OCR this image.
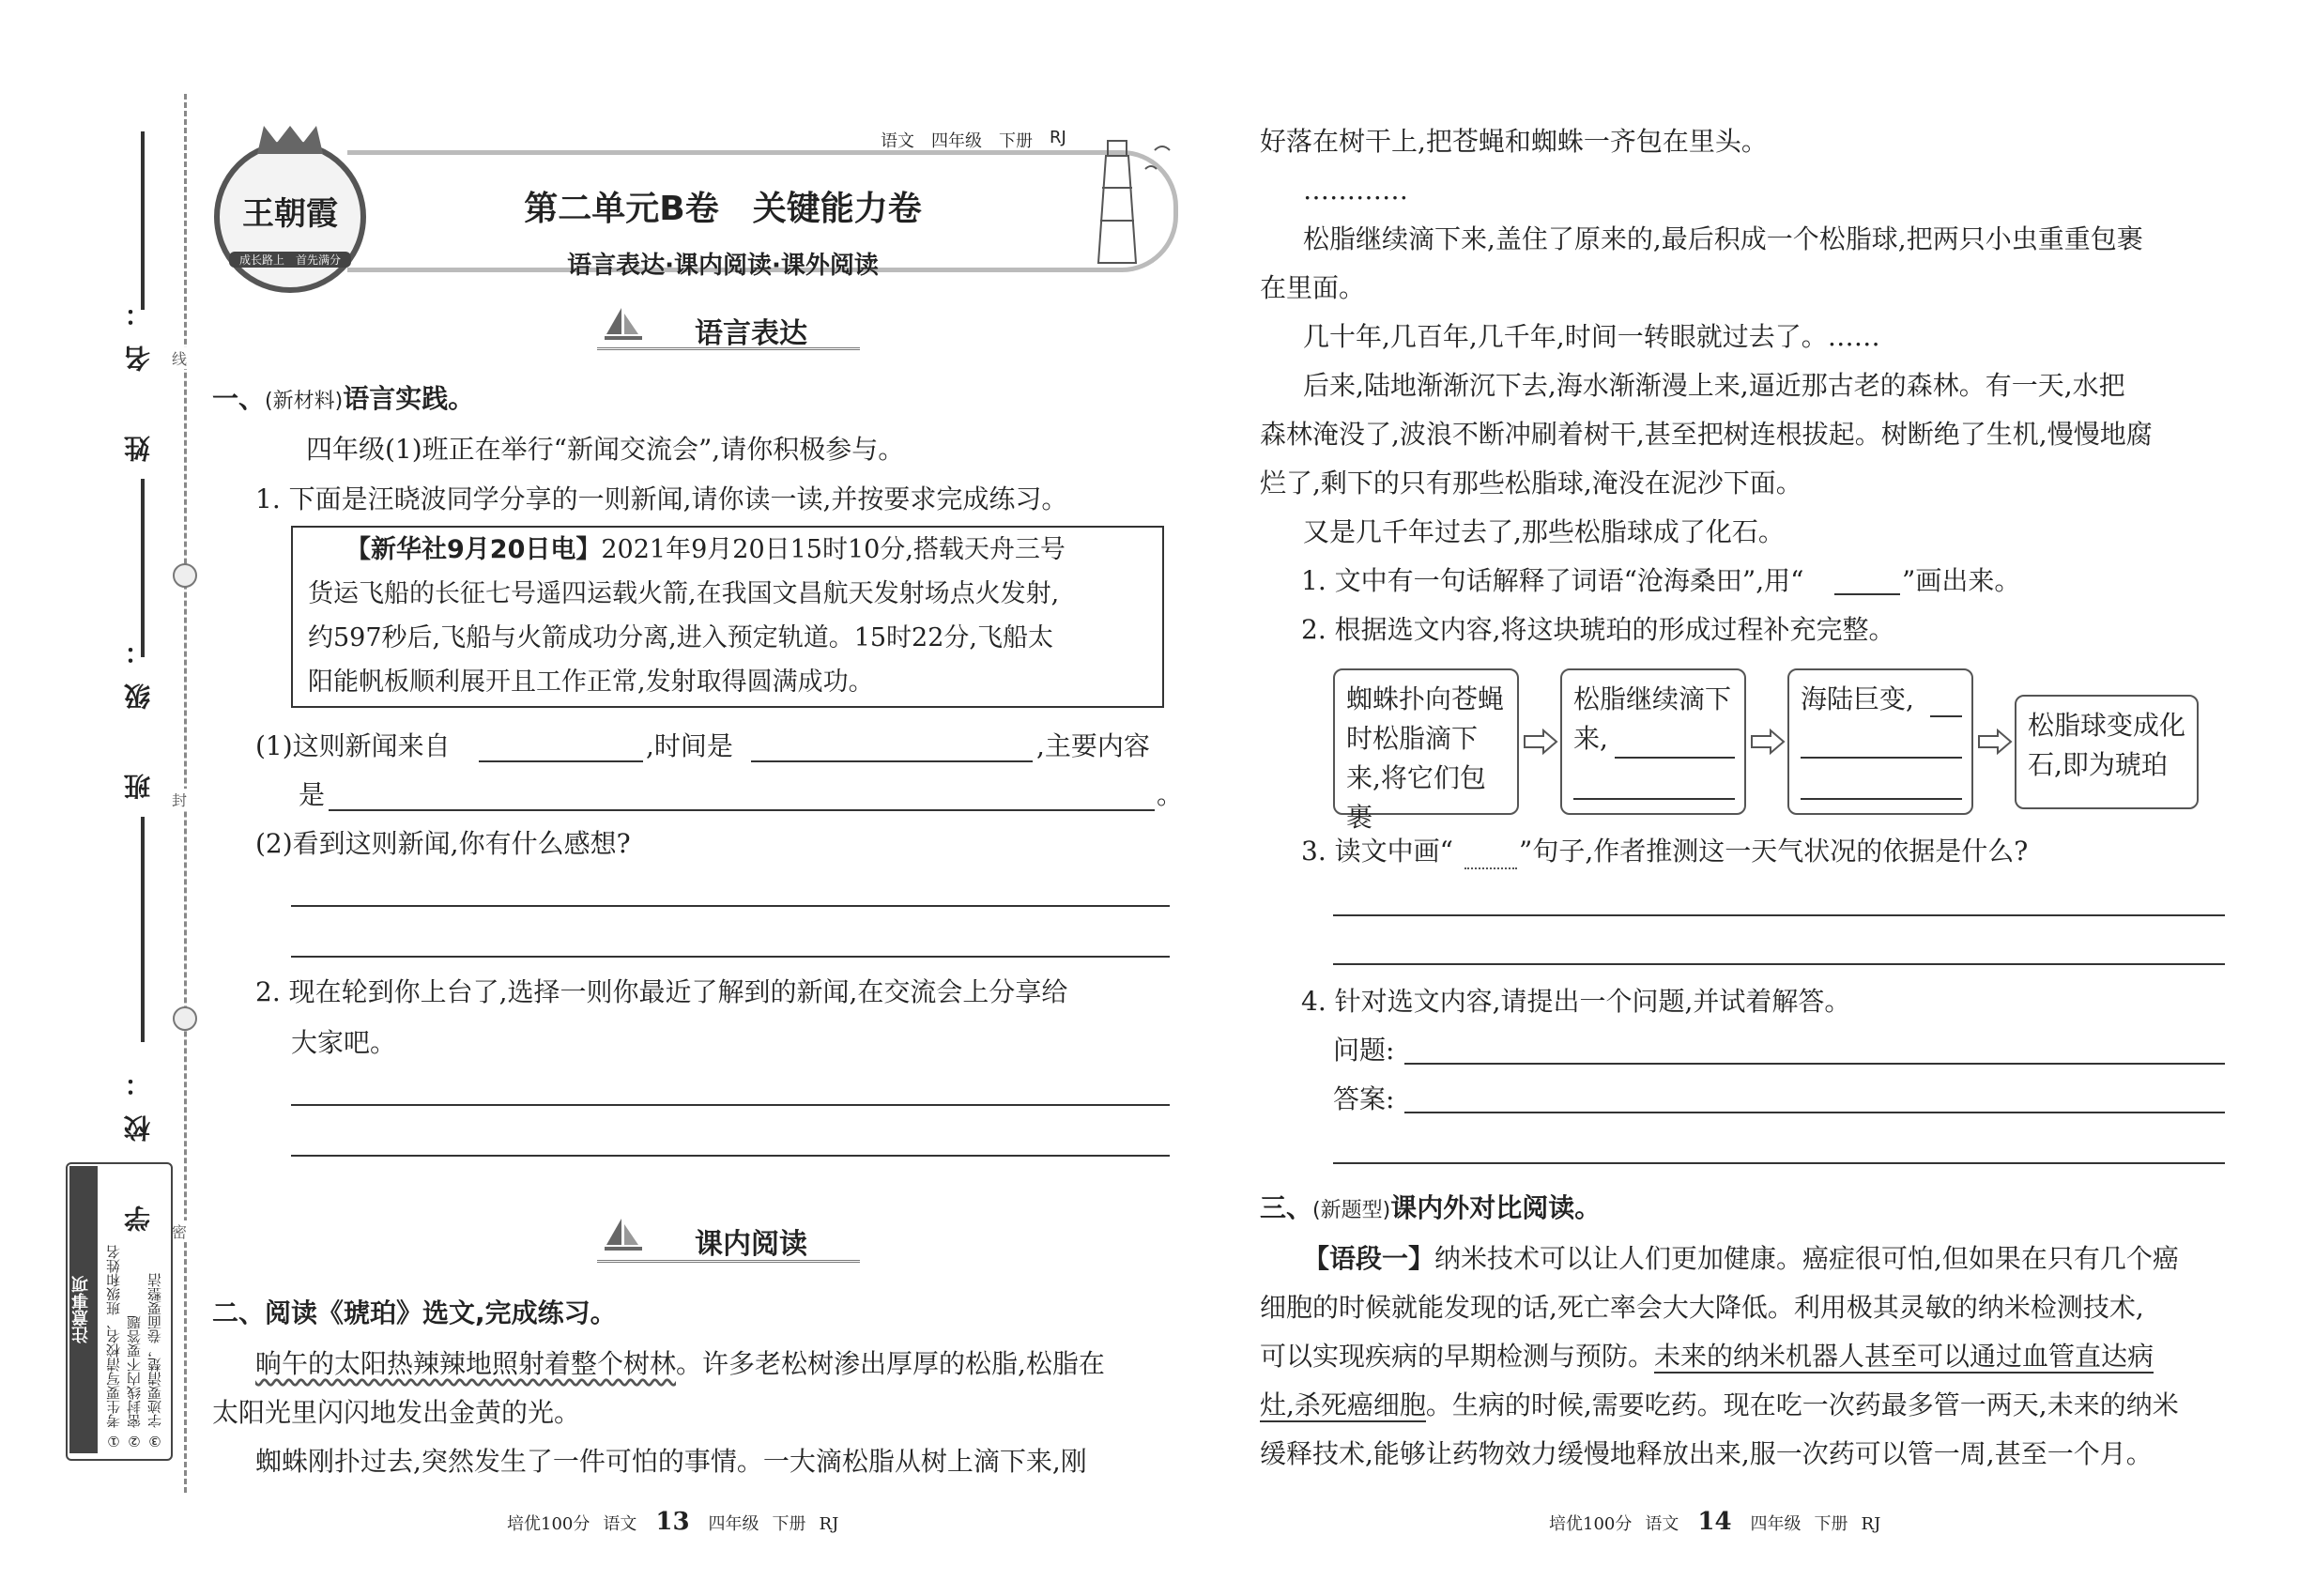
姓　名：
班　级：
学　校：
线
封
密
注意事项	① 考生要写清校名、班级和姓名 ② 密封线内不要答题 ③ 字迹要清楚，卷面要整洁
王朝霞
成长路上　首先满分
语文 四年级 下册 RJ
第二单元B卷　关键能力卷
语言表达·课内阅读·课外阅读
语言表达
一、(新材料)语言实践。
四年级(1)班正在举行“新闻交流会”,请你积极参与。
1. 下面是汪晓波同学分享的一则新闻,请你读一读,并按要求完成练习。
【新华社9月20日电】2021年9月20日15时10分,搭载天舟三号
货运飞船的长征七号遥四运载火箭,在我国文昌航天发射场点火发射,
约597秒后,飞船与火箭成功分离,进入预定轨道。15时22分,飞船太
阳能帆板顺利展开且工作正常,发射取得圆满成功。
(1)这则新闻来自	,时间是	,主要内容
是	。
(2)看到这则新闻,你有什么感想?
2. 现在轮到你上台了,选择一则你最近了解到的新闻,在交流会上分享给
大家吧。
课内阅读
二、阅读《琥珀》选文,完成练习。
晌午的太阳热辣辣地照射着整个树林。许多老松树渗出厚厚的松脂,松脂在
太阳光里闪闪地发出金黄的光。
蜘蛛刚扑过去,突然发生了一件可怕的事情。一大滴松脂从树上滴下来,刚
好落在树干上,把苍蝇和蜘蛛一齐包在里头。
…………
松脂继续滴下来,盖住了原来的,最后积成一个松脂球,把两只小虫重重包裹
在里面。
几十年,几百年,几千年,时间一转眼就过去了。……
后来,陆地渐渐沉下去,海水渐渐漫上来,逼近那古老的森林。有一天,水把
森林淹没了,波浪不断冲刷着树干,甚至把树连根拔起。树断绝了生机,慢慢地腐
烂了,剩下的只有那些松脂球,淹没在泥沙下面。
又是几千年过去了,那些松脂球成了化石。
1. 文中有一句话解释了词语“沧海桑田”,用“	”画出来。
2. 根据选文内容,将这块琥珀的形成过程补充完整。
蜘蛛扑向苍蝇时松脂滴下来,将它们包裹
松脂继续滴下来,
海陆巨变,
松脂球变成化石,即为琥珀
3. 读文中画“	”句子,作者推测这一天气状况的依据是什么?
4. 针对选文内容,请提出一个问题,并试着解答。
问题:
答案:
三、(新题型)课内外对比阅读。
【语段一】纳米技术可以让人们更加健康。癌症很可怕,但如果在只有几个癌
细胞的时候就能发现的话,死亡率会大大降低。利用极其灵敏的纳米检测技术,
可以实现疾病的早期检测与预防。未来的纳米机器人甚至可以通过血管直达病
灶,杀死癌细胞。生病的时候,需要吃药。现在吃一次药最多管一两天,未来的纳米
缓释技术,能够让药物效力缓慢地释放出来,服一次药可以管一周,甚至一个月。
培优100分 语文 13 四年级 下册 RJ	培优100分 语文 14 四年级 下册 RJ
